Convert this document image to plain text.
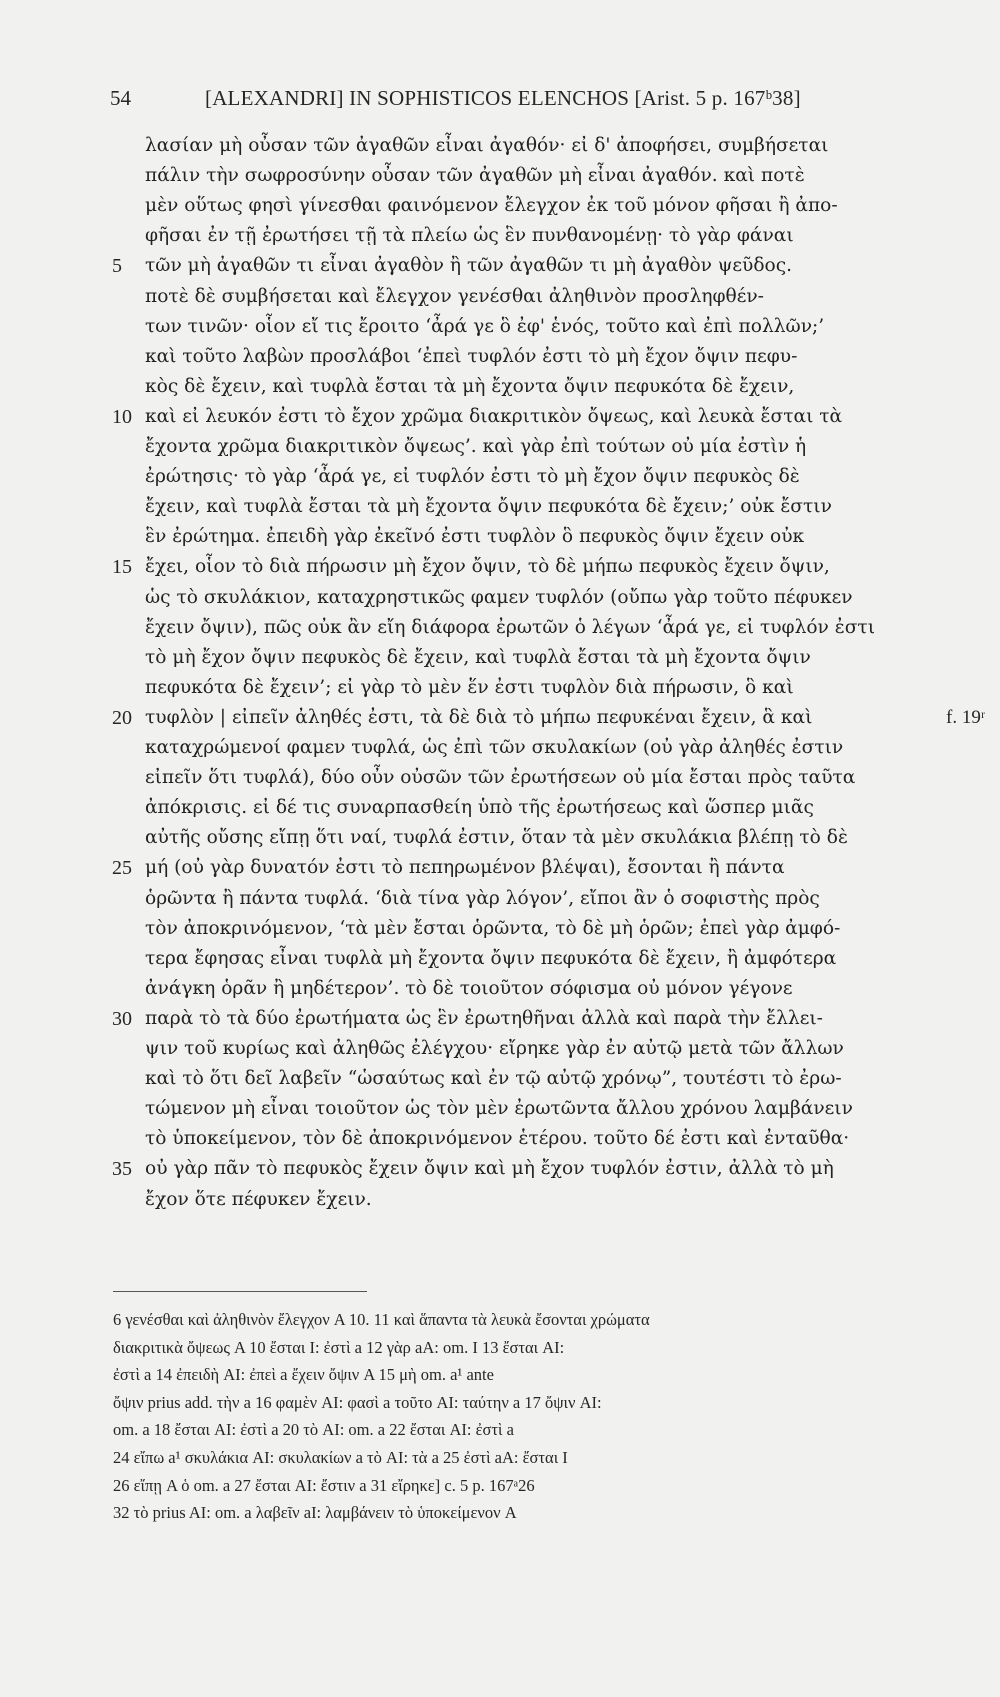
54	[ALEXANDRI] IN SOPHISTICOS ELENCHOS [Arist. 5 p. 167ᵇ38]
λασίαν μὴ οὖσαν τῶν ἀγαθῶν εἶναι ἀγαθόν· εἰ δ' ἀποφήσει, συμβήσεται
πάλιν τὴν σωφροσύνην οὖσαν τῶν ἀγαθῶν μὴ εἶναι ἀγαθόν. καὶ ποτὲ
μὲν οὕτως φησὶ γίνεσθαι φαινόμενον ἔλεγχον ἐκ τοῦ μόνον φῆσαι ἢ ἀπο-
φῆσαι ἐν τῇ ἐρωτήσει τῇ τὰ πλείω ὡς ἓν πυνθανομένῃ· τὸ γὰρ φάναι
5	τῶν μὴ ἀγαθῶν τι εἶναι ἀγαθὸν ἢ τῶν ἀγαθῶν τι μὴ ἀγαθὸν ψεῦδος.
ποτὲ δὲ συμβήσεται καὶ ἔλεγχον γενέσθαι ἀληθινὸν προσληφθέν-
των τινῶν· οἷον εἴ τις ἔροιτο ‘ἆρά γε ὃ ἐφ' ἑνός, τοῦτο καὶ ἐπὶ πολλῶν;’
καὶ τοῦτο λαβὼν προσλάβοι ‘ἐπεὶ τυφλόν ἐστι τὸ μὴ ἔχον ὄψιν πεφυ-
κὸς δὲ ἔχειν, καὶ τυφλὰ ἔσται τὰ μὴ ἔχοντα ὄψιν πεφυκότα δὲ ἔχειν,
10 καὶ εἰ λευκόν ἐστι τὸ ἔχον χρῶμα διακριτικὸν ὄψεως, καὶ λευκὰ ἔσται τὰ
ἔχοντα χρῶμα διακριτικὸν ὄψεως’. καὶ γὰρ ἐπὶ τούτων οὐ μία ἐστὶν ἡ
ἐρώτησις· τὸ γὰρ ‘ἆρά γε, εἰ τυφλόν ἐστι τὸ μὴ ἔχον ὄψιν πεφυκὸς δὲ
ἔχειν, καὶ τυφλὰ ἔσται τὰ μὴ ἔχοντα ὄψιν πεφυκότα δὲ ἔχειν;’ οὐκ ἔστιν
ἓν ἐρώτημα. ἐπειδὴ γὰρ ἐκεῖνό ἐστι τυφλὸν ὃ πεφυκὸς ὄψιν ἔχειν οὐκ
15 ἔχει, οἷον τὸ διὰ πήρωσιν μὴ ἔχον ὄψιν, τὸ δὲ μήπω πεφυκὸς ἔχειν ὄψιν,
ὡς τὸ σκυλάκιον, καταχρηστικῶς φαμεν τυφλόν (οὔπω γὰρ τοῦτο πέφυκεν
ἔχειν ὄψιν), πῶς οὐκ ἂν εἴη διάφορα ἐρωτῶν ὁ λέγων ‘ἆρά γε, εἰ τυφλόν ἐστι
τὸ μὴ ἔχον ὄψιν πεφυκὸς δὲ ἔχειν, καὶ τυφλὰ ἔσται τὰ μὴ ἔχοντα ὄψιν
πεφυκότα δὲ ἔχειν’; εἰ γὰρ τὸ μὲν ἕν ἐστι τυφλὸν διὰ πήρωσιν, ὃ καὶ
20 τυφλὸν | εἰπεῖν ἀληθές ἐστι, τὰ δὲ διὰ τὸ μήπω πεφυκέναι ἔχειν, ἃ καὶ
καταχρώμενοί φαμεν τυφλά, ὡς ἐπὶ τῶν σκυλακίων (οὐ γὰρ ἀληθές ἐστιν
εἰπεῖν ὅτι τυφλά), δύο οὖν οὐσῶν τῶν ἐρωτήσεων οὐ μία ἔσται πρὸς ταῦτα
ἀπόκρισις. εἰ δέ τις συναρπασθείη ὑπὸ τῆς ἐρωτήσεως καὶ ὥσπερ μιᾶς
αὐτῆς οὔσης εἴπῃ ὅτι ναί, τυφλά ἐστιν, ὅταν τὰ μὲν σκυλάκια βλέπῃ τὸ δὲ
25 μή (οὐ γὰρ δυνατόν ἐστι τὸ πεπηρωμένον βλέψαι), ἔσονται ἢ πάντα
ὁρῶντα ἢ πάντα τυφλά. ‘διὰ τίνα γὰρ λόγον’, εἴποι ἂν ὁ σοφιστὴς πρὸς
τὸν ἀποκρινόμενον, ‘τὰ μὲν ἔσται ὁρῶντα, τὸ δὲ μὴ ὁρῶν; ἐπεὶ γὰρ ἀμφό-
τερα ἔφησας εἶναι τυφλὰ μὴ ἔχοντα ὄψιν πεφυκότα δὲ ἔχειν, ἢ ἀμφότερα
ἀνάγκη ὁρᾶν ἢ μηδέτερον’. τὸ δὲ τοιοῦτον σόφισμα οὐ μόνον γέγονε
30 παρὰ τὸ τὰ δύο ἐρωτήματα ὡς ἓν ἐρωτηθῆναι ἀλλὰ καὶ παρὰ τὴν ἔλλει-
ψιν τοῦ κυρίως καὶ ἀληθῶς ἐλέγχου· εἴρηκε γὰρ ἐν αὐτῷ μετὰ τῶν ἄλλων
καὶ τὸ ὅτι δεῖ λαβεῖν “ὡσαύτως καὶ ἐν τῷ αὐτῷ χρόνῳ”, τουτέστι τὸ ἐρω-
τώμενον μὴ εἶναι τοιοῦτον ὡς τὸν μὲν ἐρωτῶντα ἄλλου χρόνου λαμβάνειν
τὸ ὑποκείμενον, τὸν δὲ ἀποκρινόμενον ἑτέρου. τοῦτο δέ ἐστι καὶ ἐνταῦθα·
35 οὐ γὰρ πᾶν τὸ πεφυκὸς ἔχειν ὄψιν καὶ μὴ ἔχον τυφλόν ἐστιν, ἀλλὰ τὸ μὴ
ἔχον ὅτε πέφυκεν ἔχειν.
f. 19ʳ
6 γενέσθαι καὶ ἀληθινὸν ἔλεγχον A 10. 11 καὶ ἅπαντα τὰ λευκὰ ἔσονται χρώματα
διακριτικὰ ὄψεως A 10 ἔσται I: ἐστὶ a 12 γὰρ aA: om. I 13 ἔσται AI:
ἐστὶ a 14 ἐπειδὴ AI: ἐπεὶ a ἔχειν ὄψιν A 15 μὴ om. a¹ ante
ὄψιν prius add. τὴν a 16 φαμὲν AI: φασὶ a τοῦτο AI: ταύτην a 17 ὄψιν AI:
om. a 18 ἔσται AI: ἐστὶ a 20 τὸ AI: om. a 22 ἔσται AI: ἐστὶ a
24 εἴπω a¹ σκυλάκια AI: σκυλακίων a τὸ AI: τὰ a 25 ἐστὶ aA: ἔσται I
26 εἴπῃ A ὁ om. a 27 ἔσται AI: ἔστιν a 31 εἴρηκε] c. 5 p. 167ᵃ26
32 τὸ prius AI: om. a λαβεῖν aI: λαμβάνειν τὸ ὑποκείμενον A
